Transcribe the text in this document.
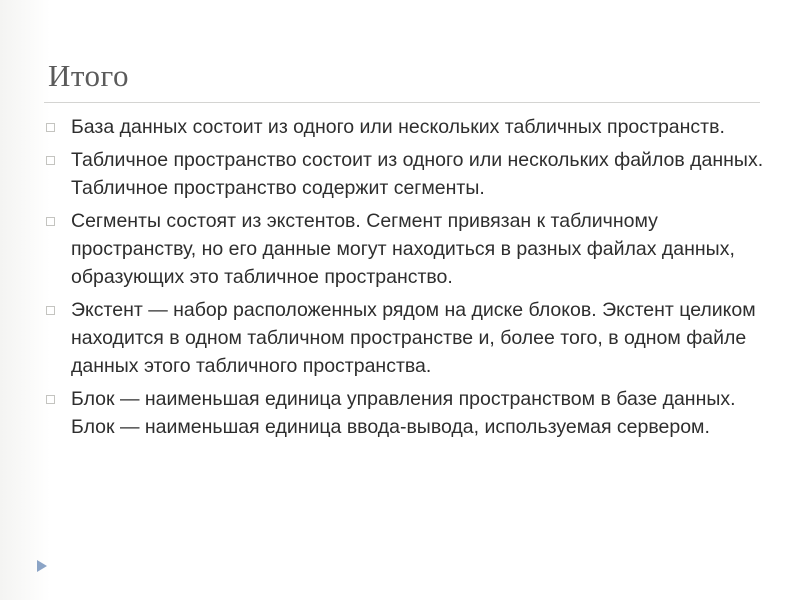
Итого
База данных состоит из одного или нескольких табличных пространств.
Табличное пространство состоит из одного или нескольких файлов данных. Табличное пространство содержит сегменты.
Сегменты состоят из экстентов. Сегмент привязан к табличному пространству, но его данные могут находиться в разных файлах данных, образующих это табличное пространство.
Экстент — набор расположенных рядом на диске блоков. Экстент целиком находится в одном табличном пространстве и, более того, в одном файле данных этого табличного пространства.
Блок — наименьшая единица управления пространством в базе данных. Блок — наименьшая единица ввода-вывода, используемая сервером.
